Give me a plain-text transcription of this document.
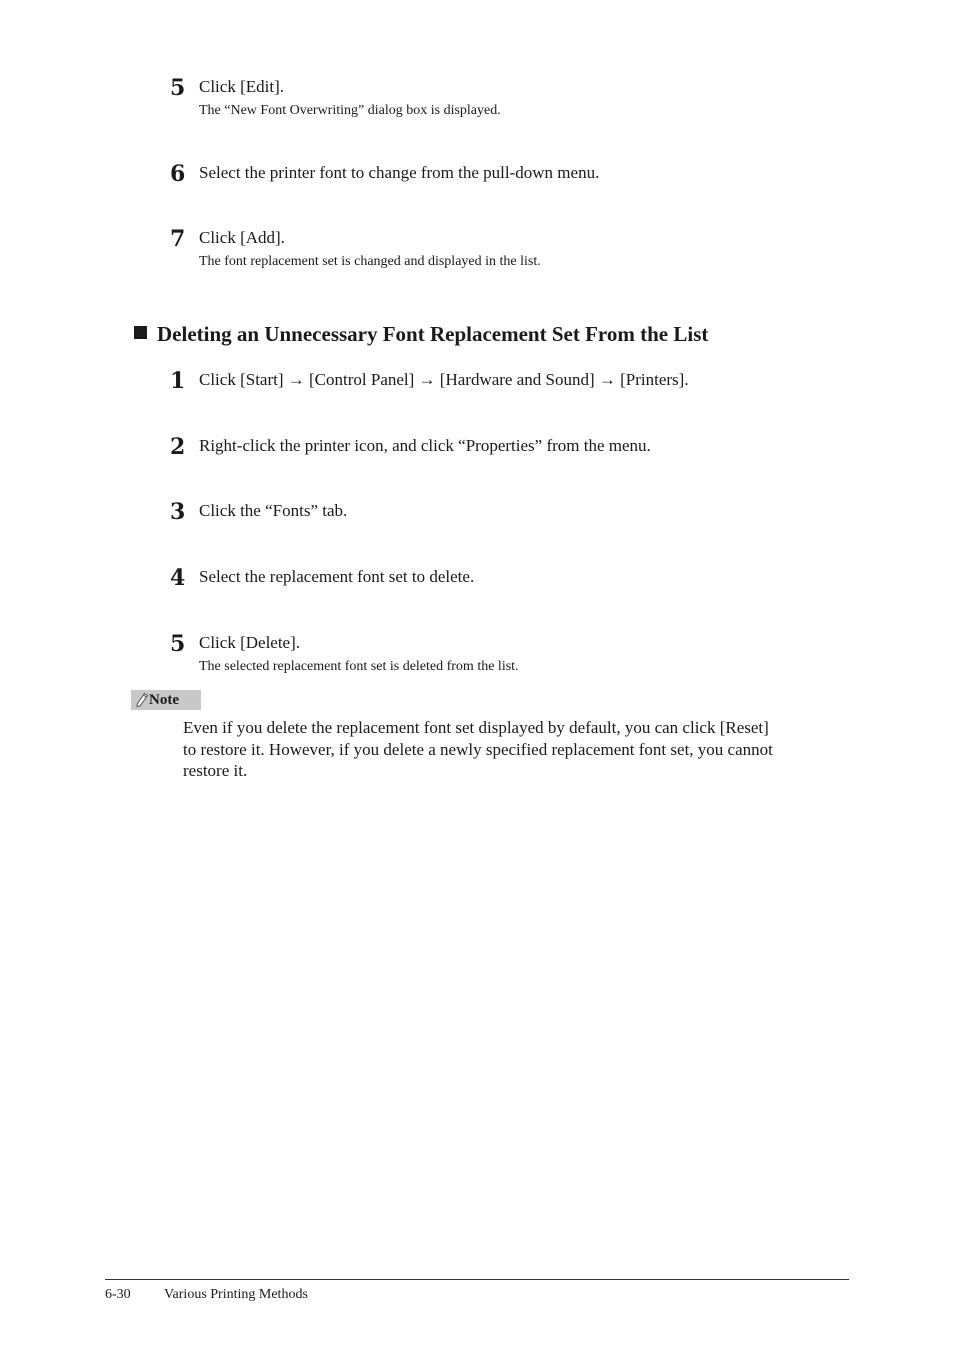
5 Click [Edit].
The “New Font Overwriting” dialog box is displayed.
6 Select the printer font to change from the pull-down menu.
7 Click [Add].
The font replacement set is changed and displayed in the list.
Deleting an Unnecessary Font Replacement Set From the List
1 Click [Start] → [Control Panel] → [Hardware and Sound] → [Printers].
2 Right-click the printer icon, and click “Properties” from the menu.
3 Click the “Fonts” tab.
4 Select the replacement font set to delete.
5 Click [Delete].
The selected replacement font set is deleted from the list.
Note
Even if you delete the replacement font set displayed by default, you can click [Reset]
to restore it. However, if you delete a newly specified replacement font set, you cannot
restore it.
6-30 Various Printing Methods
